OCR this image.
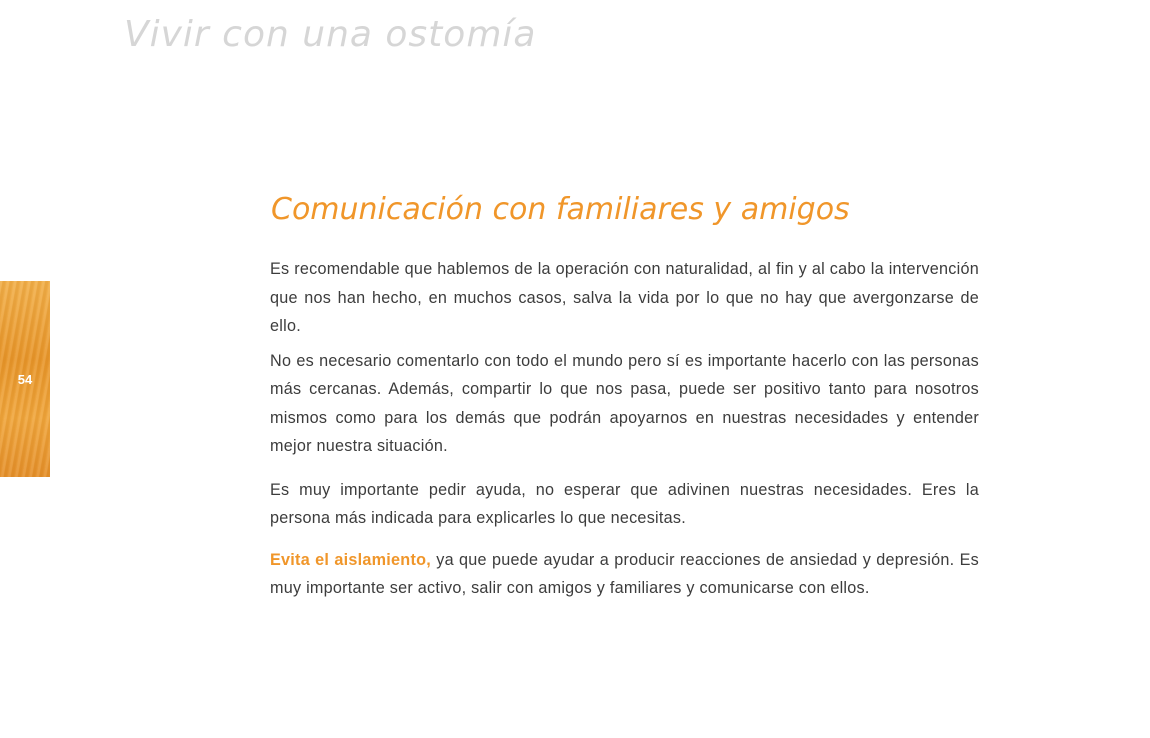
Vivir con una ostomía
54
Comunicación con familiares y amigos

Es recomendable que hablemos de la operación con naturalidad, al fin y al cabo la intervención que nos han hecho, en muchos casos, salva la vida por lo que no hay que avergonzarse de ello.

No es necesario comentarlo con todo el mundo pero sí es importante hacerlo con las personas más cercanas. Además, compartir lo que nos pasa, puede ser positivo tanto para nosotros mismos como para los demás que podrán apoyarnos en nuestras necesidades y entender mejor nuestra situación.

Es muy importante pedir ayuda, no esperar que adivinen nuestras necesidades. Eres la persona más indicada para explicarles lo que necesitas.

Evita el aislamiento, ya que puede ayudar a producir reacciones de ansiedad y depresión. Es muy importante ser activo, salir con amigos y familiares y comunicarse con ellos.
